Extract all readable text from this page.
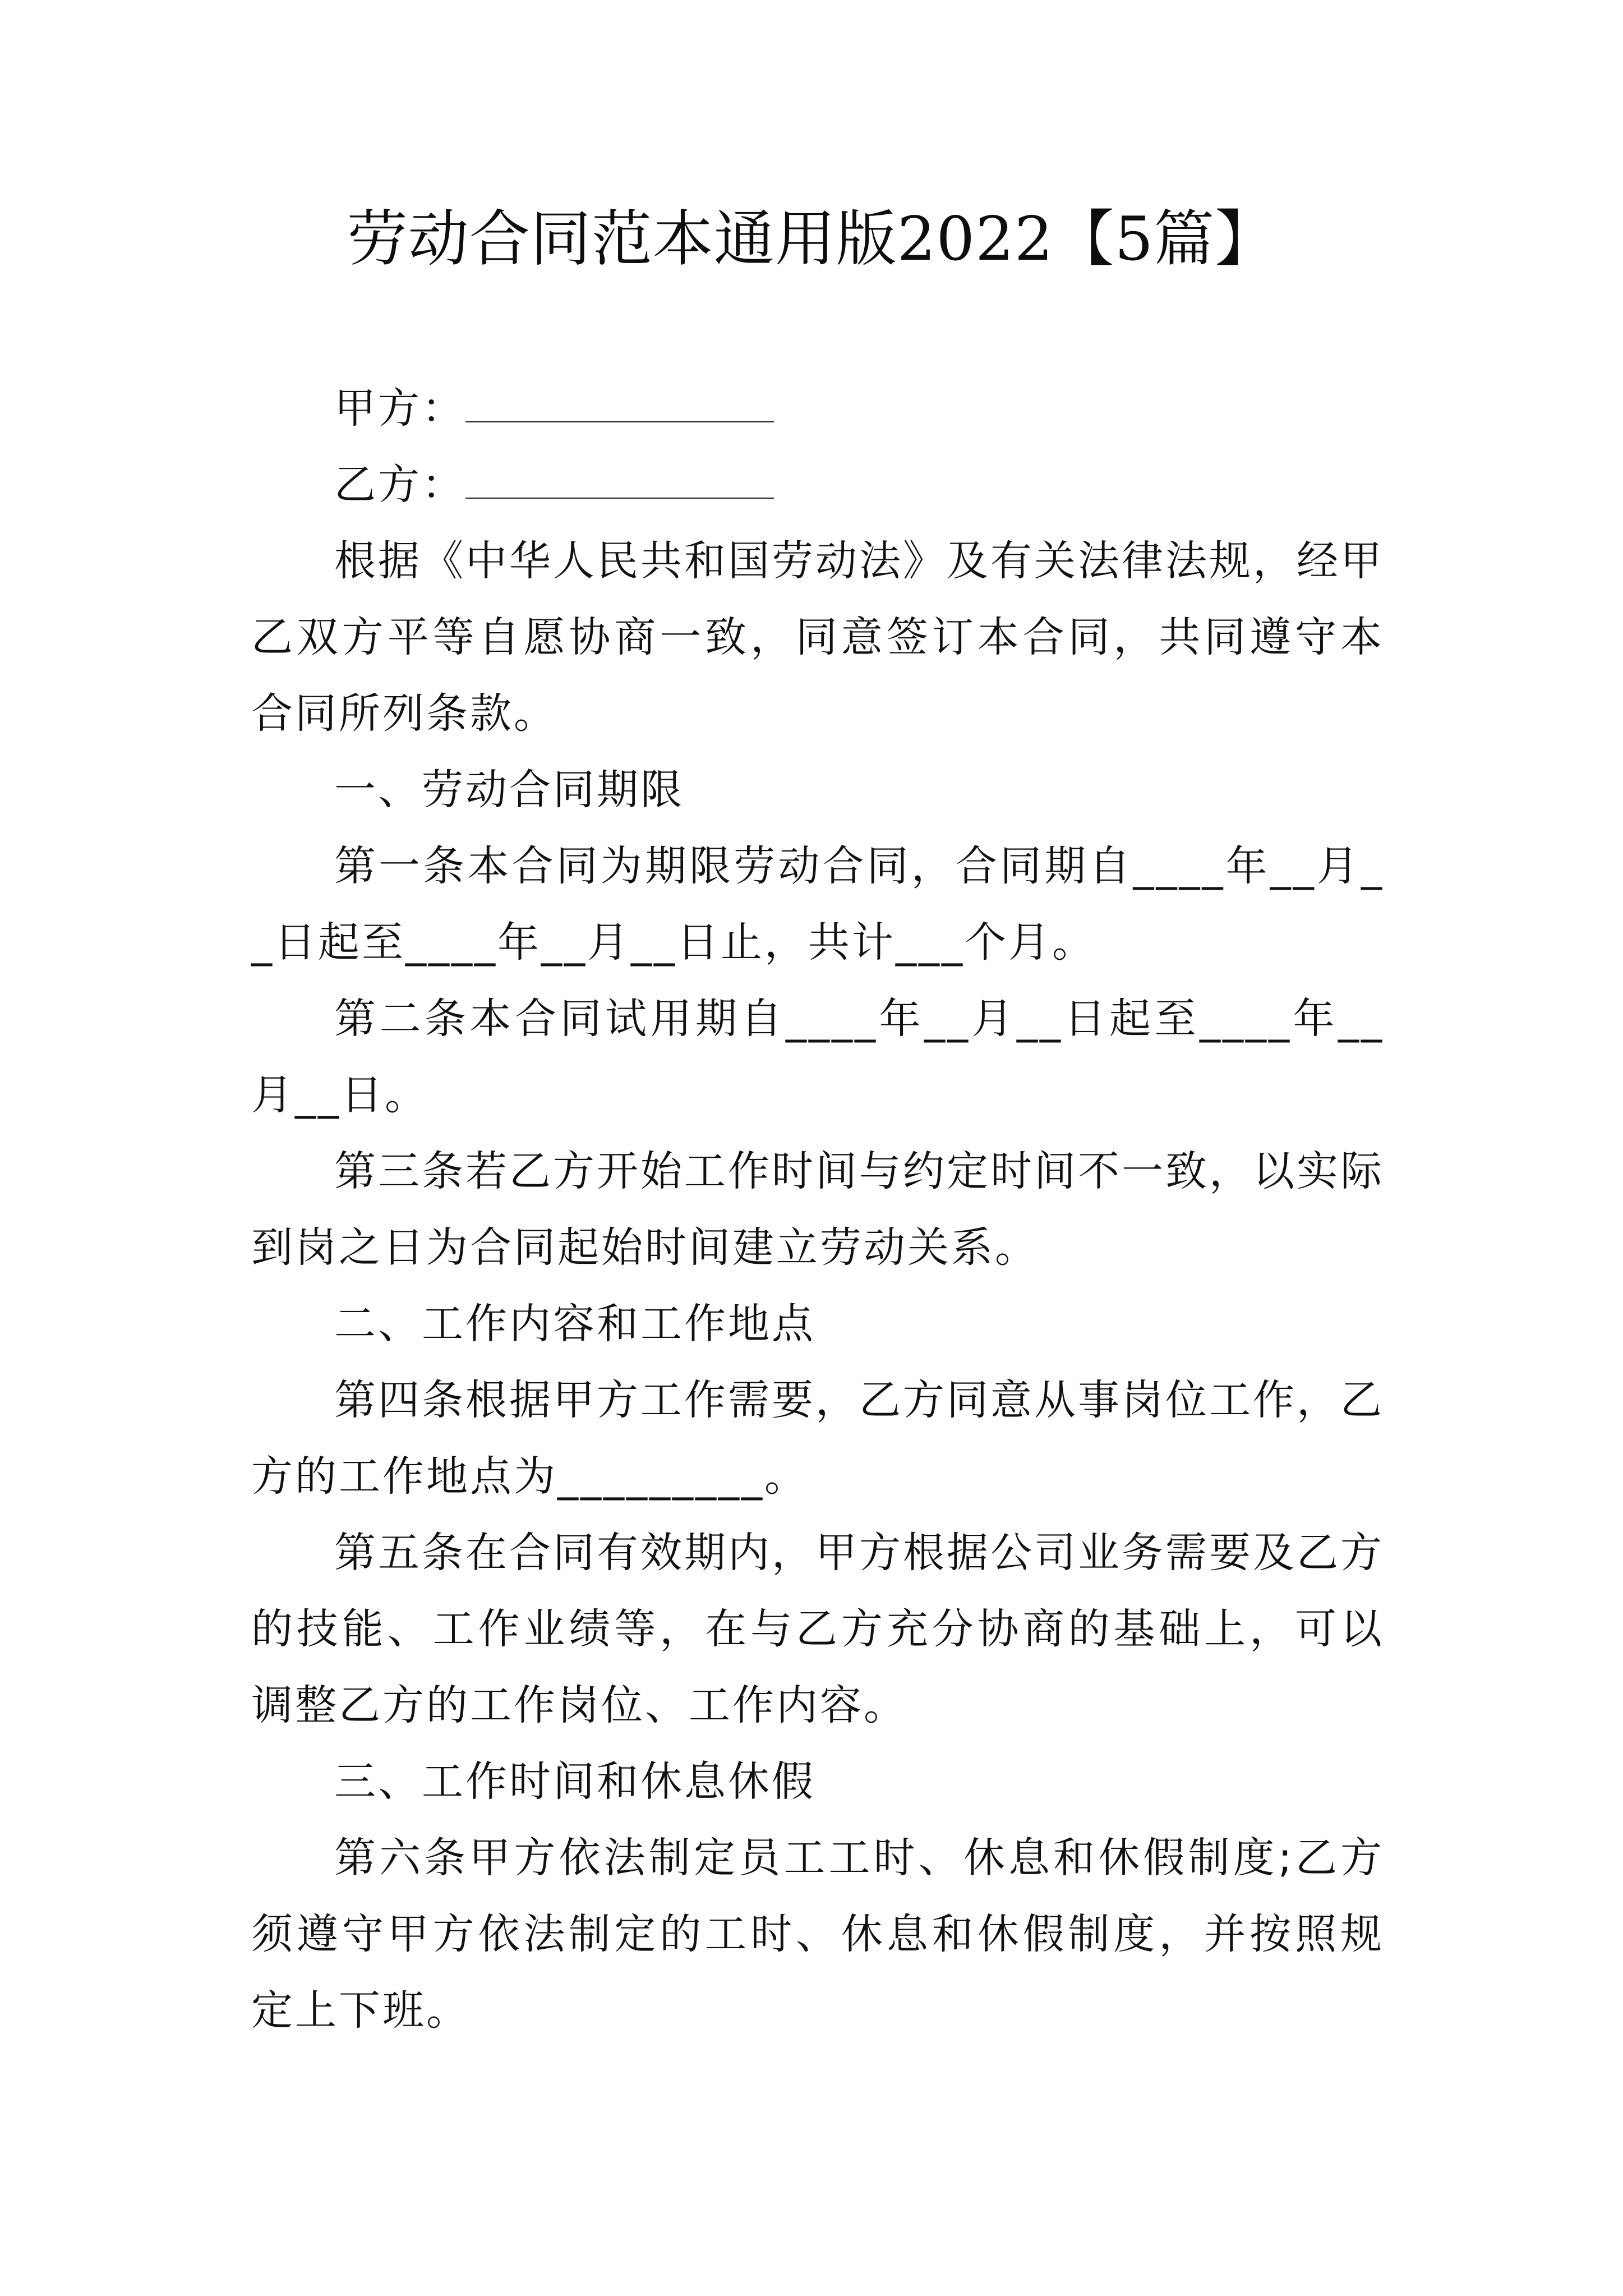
劳动合同范本通用版2022【5篇】
甲方：
乙方：

根据《中华人民共和国劳动法》及有关法律法规，经甲乙双方平等自愿协商一致，同意签订本合同，共同遵守本合同所列条款。

一、劳动合同期限

第一条本合同为期限劳动合同，合同期自____年__月__日起至____年__月__日止，共计___个月。

第二条本合同试用期自____年__月__日起至____年__月__日。

第三条若乙方开始工作时间与约定时间不一致，以实际到岗之日为合同起始时间建立劳动关系。

二、工作内容和工作地点

第四条根据甲方工作需要，乙方同意从事岗位工作，乙方的工作地点为_________。

第五条在合同有效期内，甲方根据公司业务需要及乙方的技能、工作业绩等，在与乙方充分协商的基础上，可以调整乙方的工作岗位、工作内容。

三、工作时间和休息休假

第六条甲方依法制定员工工时、休息和休假制度;乙方须遵守甲方依法制定的工时、休息和休假制度，并按照规定上下班。
